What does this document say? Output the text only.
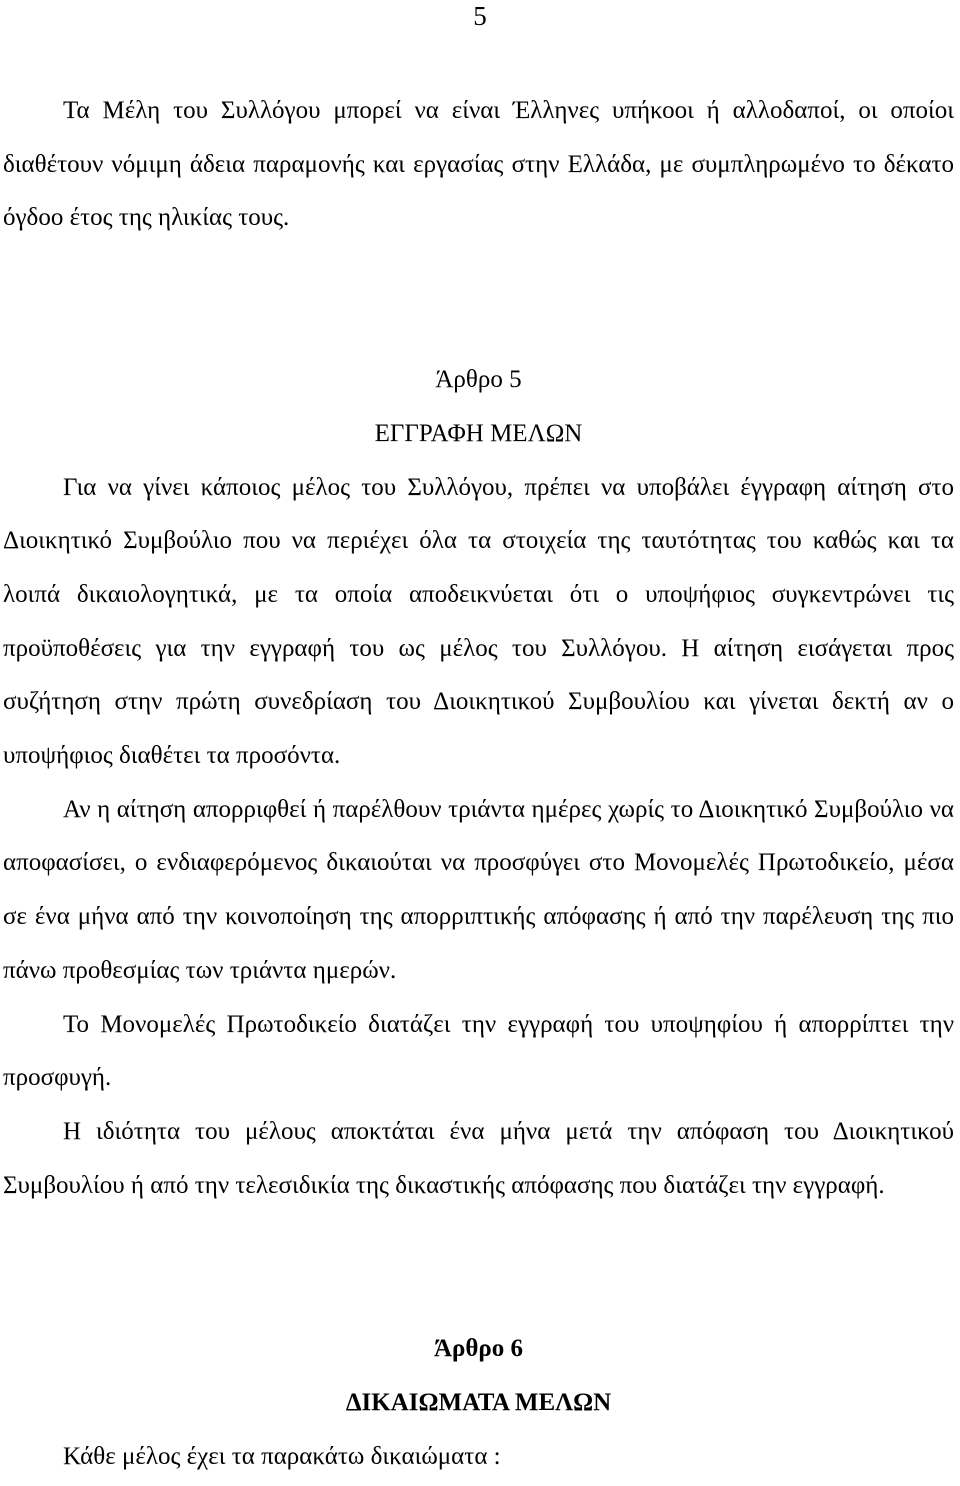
5

Τα Μέλη του Συλλόγου μπορεί να είναι Έλληνες υπήκοοι ή αλλοδαποί, οι οποίοι διαθέτουν νόμιμη άδεια παραμονής και εργασίας στην Ελλάδα, με συμπληρωμένο το δέκατο όγδοο έτος της ηλικίας τους.

Άρθρο 5

ΕΓΓΡΑΦΗ ΜΕΛΩΝ

Για να γίνει κάποιος μέλος του Συλλόγου, πρέπει να υποβάλει έγγραφη αίτηση στο Διοικητικό Συμβούλιο που να περιέχει όλα τα στοιχεία της ταυτότητας του καθώς και τα λοιπά δικαιολογητικά, με τα οποία αποδεικνύεται ότι ο υποψήφιος συγκεντρώνει τις προϋποθέσεις για την εγγραφή του ως μέλος του Συλλόγου. Η αίτηση εισάγεται προς συζήτηση στην πρώτη συνεδρίαση του Διοικητικού Συμβουλίου και γίνεται δεκτή αν ο υποψήφιος διαθέτει τα προσόντα.

Αν η αίτηση απορριφθεί ή παρέλθουν τριάντα ημέρες χωρίς το Διοικητικό Συμβούλιο να αποφασίσει, ο ενδιαφερόμενος δικαιούται να προσφύγει στο Μονομελές Πρωτοδικείο, μέσα σε ένα μήνα από την κοινοποίηση της απορριπτικής απόφασης ή από την παρέλευση της πιο πάνω προθεσμίας των τριάντα ημερών.

Το Μονομελές Πρωτοδικείο διατάζει την εγγραφή του υποψηφίου ή απορρίπτει την προσφυγή.

Η ιδιότητα του μέλους αποκτάται ένα μήνα μετά την απόφαση του Διοικητικού Συμβουλίου ή από την τελεσιδικία της δικαστικής απόφασης που διατάζει την εγγραφή.

Άρθρο 6

ΔΙΚΑΙΩΜΑΤΑ ΜΕΛΩΝ

Κάθε μέλος έχει τα παρακάτω δικαιώματα :
